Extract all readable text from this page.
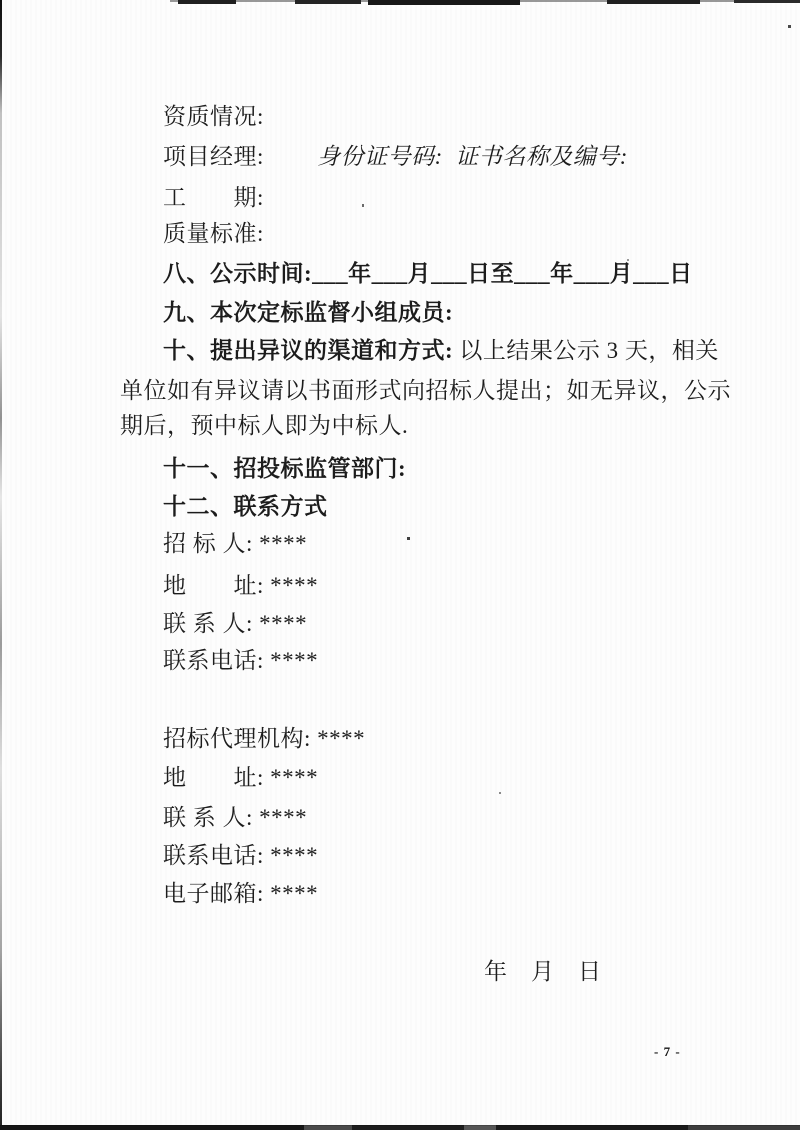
资质情况:
项目经理:　　 身份证号码:  证书名称及编号:
工　　期:
质量标准:
八、公示时间:___年___月___日至___年___月___日
九、本次定标监督小组成员:
十、提出异议的渠道和方式: 以上结果公示 3 天，相关
单位如有异议请以书面形式向招标人提出；如无异议，公示
期后，预中标人即为中标人.
十一、招投标监管部门:
十二、联系方式
招 标 人: ****
地　　址: ****
联 系 人: ****
联系电话: ****
招标代理机构: ****
地　　址: ****
联 系 人: ****
联系电话: ****
电子邮箱: ****
年　月　日
- 7 -
